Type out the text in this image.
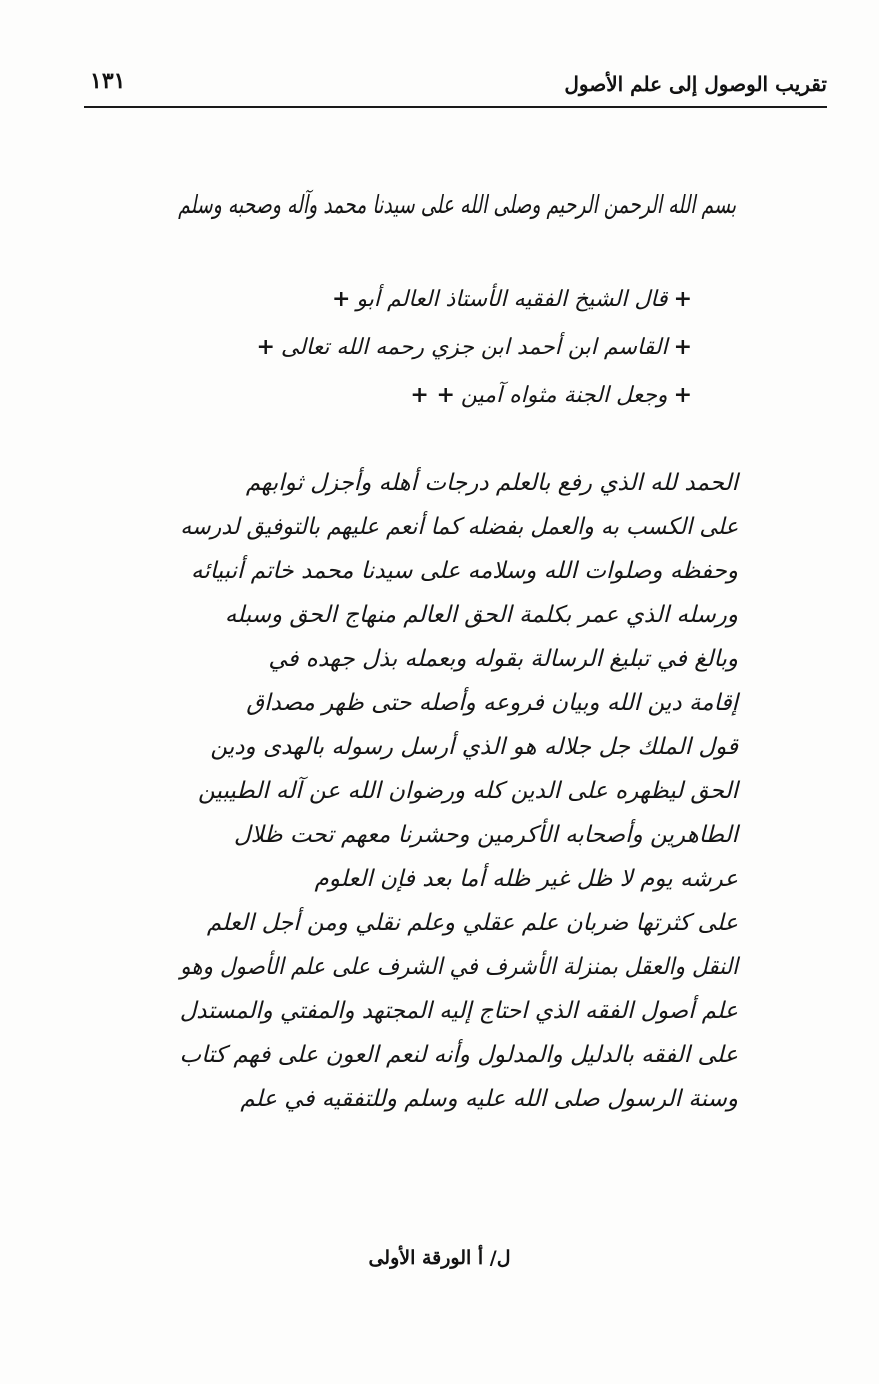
تقريب الوصول إلى علم الأصول
١٣١
بسم الله الرحمن الرحيم وصلى الله على سيدنا محمد وآله وصحبه وسلم
+قال الشيخ الفقيه الأستاذ العالم أبو+
+القاسم ابن أحمد ابن جزي رحمه الله تعالى+
+وجعل الجنة مثواه آمين+ +
الحمد لله الذي رفع بالعلم درجات أهله وأجزل ثوابهم
على الكسب به والعمل بفضله كما أنعم عليهم بالتوفيق لدرسه
وحفظه وصلوات الله وسلامه على سيدنا محمد خاتم أنبيائه
ورسله الذي عمر بكلمة الحق العالم منهاج الحق وسبله
وبالغ في تبليغ الرسالة بقوله وبعمله بذل جهده في
إقامة دين الله وبيان فروعه وأصله حتى ظهر مصداق
قول الملك جل جلاله هو الذي أرسل رسوله بالهدى ودين
الحق ليظهره على الدين كله ورضوان الله عن آله الطيبين
الطاهرين وأصحابه الأكرمين وحشرنا معهم تحت ظلال
عرشه يوم لا ظل غير ظله أما بعد فإن العلوم
على كثرتها ضربان علم عقلي وعلم نقلي ومن أجل العلم
النقل والعقل بمنزلة الأشرف في الشرف على علم الأصول وهو
علم أصول الفقه الذي احتاج إليه المجتهد والمفتي والمستدل
على الفقه بالدليل والمدلول وأنه لنعم العون على فهم كتاب
وسنة الرسول صلى الله عليه وسلم وللتفقيه في علم
ل/ أ الورقة الأولى
